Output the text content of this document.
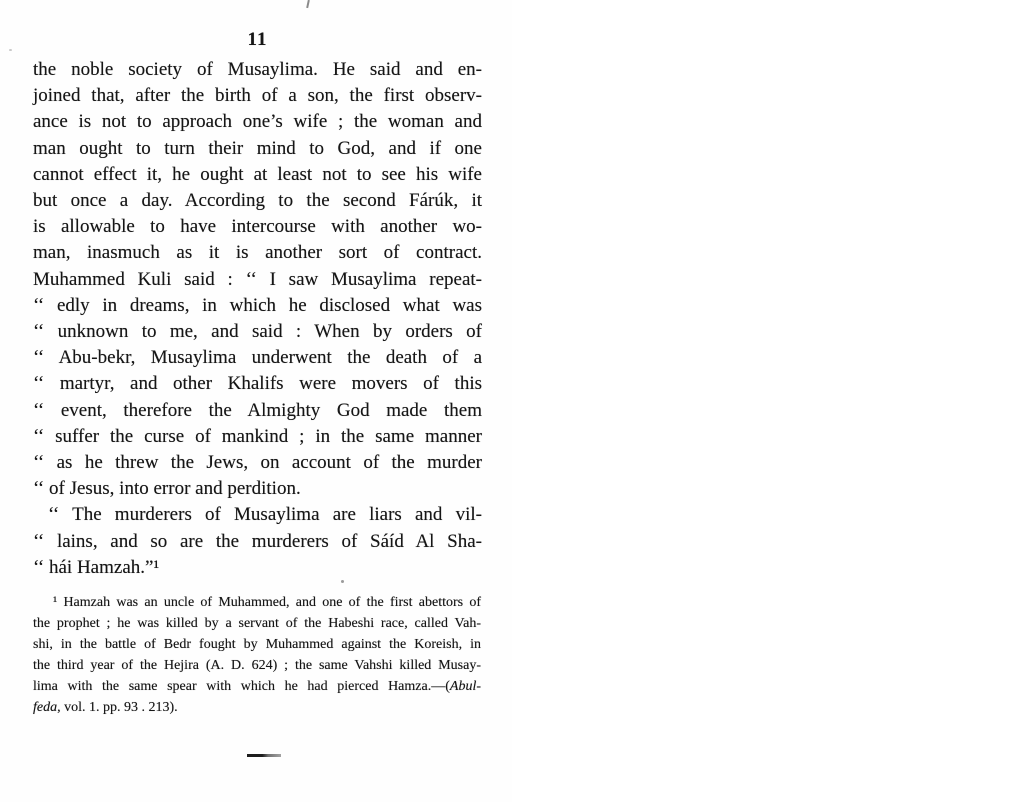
11
the noble society of Musaylima. He said and en-
joined that, after the birth of a son, the first observ-
ance is not to approach one’s wife ; the woman and
man ought to turn their mind to God, and if one
cannot effect it, he ought at least not to see his wife
but once a day. According to the second Fárúk, it
is allowable to have intercourse with another wo-
man, inasmuch as it is another sort of contract.
Muhammed Kuli said : ‘‘ I saw Musaylima repeat-
‘‘ edly in dreams, in which he disclosed what was
‘‘ unknown to me, and said : When by orders of
‘‘ Abu-bekr, Musaylima underwent the death of a
‘‘ martyr, and other Khalifs were movers of this
‘‘ event, therefore the Almighty God made them
‘‘ suffer the curse of mankind ; in the same manner
‘‘ as he threw the Jews, on account of the murder
‘‘ of Jesus, into error and perdition.
‘‘ The murderers of Musaylima are liars and vil-
‘‘ lains, and so are the murderers of Sáíd Al Sha-
‘‘ hái Hamzah.”¹
¹ Hamzah was an uncle of Muhammed, and one of the first abettors of
the prophet ; he was killed by a servant of the Habeshi race, called Vah-
shi, in the battle of Bedr fought by Muhammed against the Koreish, in
the third year of the Hejira (A. D. 624) ; the same Vahshi killed Musay-
lima with the same spear with which he had pierced Hamza.—(Abul-
feda, vol. 1. pp. 93 . 213).
